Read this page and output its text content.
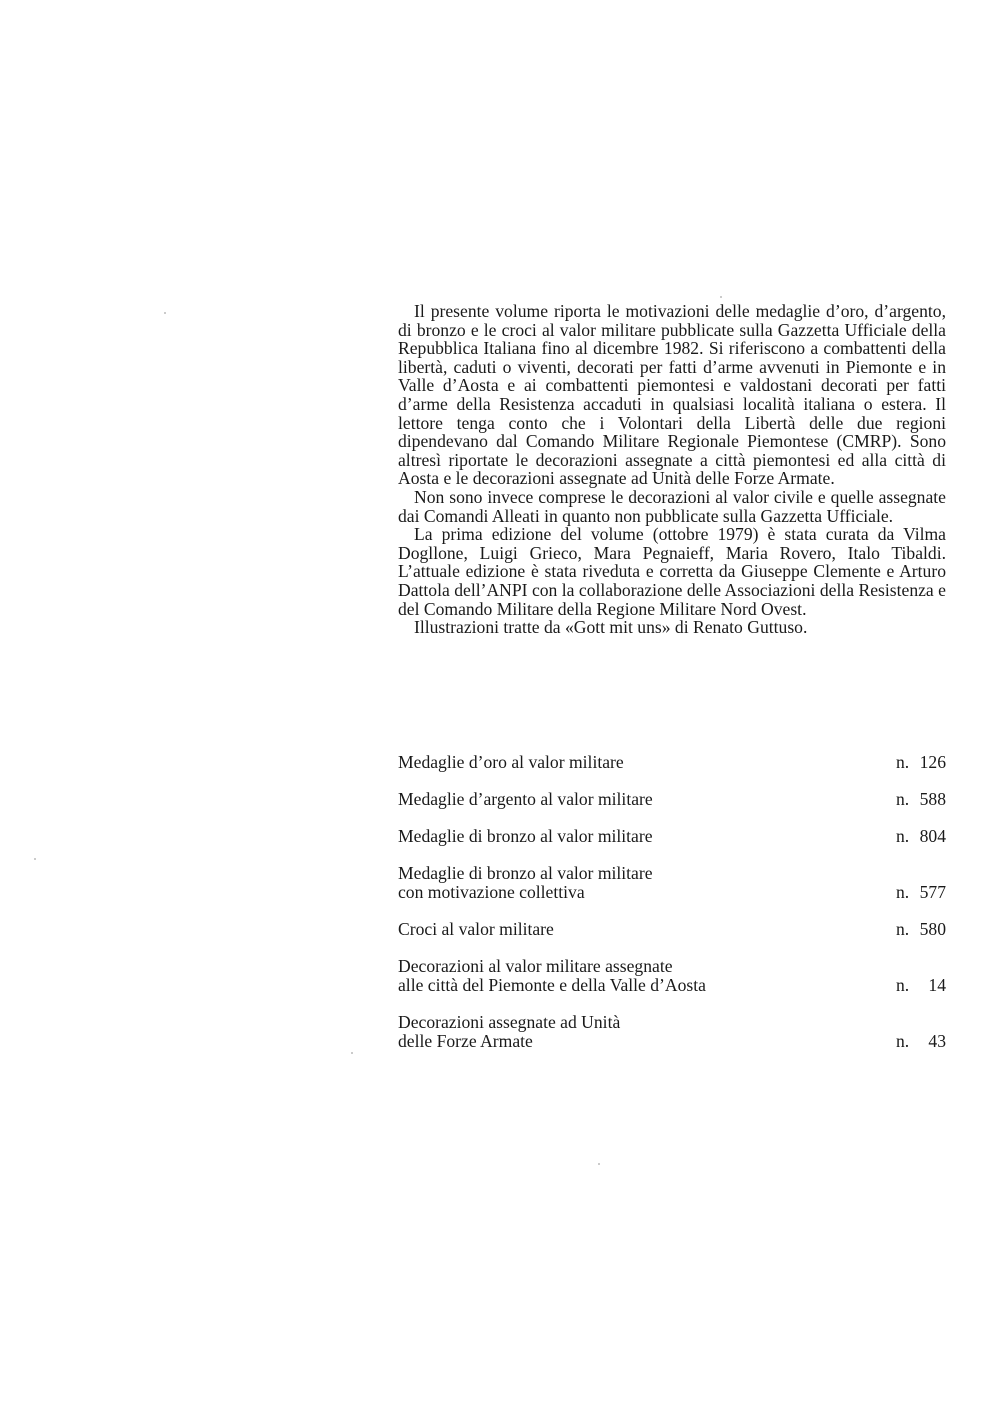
Il presente volume riporta le motivazioni delle medaglie d’oro, d’argento, di bronzo e le croci al valor militare pubblicate sulla Gazzetta Ufficiale della Repubblica Italiana fino al dicembre 1982. Si riferiscono a combattenti della libertà, caduti o viventi, decorati per fatti d’arme avvenuti in Piemonte e in Valle d’Aosta e ai combattenti piemontesi e valdostani decorati per fatti d’arme della Resistenza accaduti in qualsiasi località italiana o estera. Il lettore tenga conto che i Volontari della Libertà delle due regioni dipendevano dal Comando Militare Regionale Piemontese (CMRP). Sono altresì riportate le decorazioni assegnate a città piemontesi ed alla città di Aosta e le decorazioni assegnate ad Unità delle Forze Armate.

Non sono invece comprese le decorazioni al valor civile e quelle assegnate dai Comandi Alleati in quanto non pubblicate sulla Gazzetta Ufficiale.

La prima edizione del volume (ottobre 1979) è stata curata da Vilma Dogllone, Luigi Grieco, Mara Pegnaieff, Maria Rovero, Italo Tibaldi. L’attuale edizione è stata riveduta e corretta da Giuseppe Clemente e Arturo Dattola dell’ANPI con la collaborazione delle Associazioni della Resistenza e del Comando Militare della Regione Militare Nord Ovest.

Illustrazioni tratte da «Gott mit uns» di Renato Guttuso.

Medaglie d’oro al valor militare	n. 126
Medaglie d’argento al valor militare	n. 588
Medaglie di bronzo al valor militare	n. 804
Medaglie di bronzo al valor militare
con motivazione collettiva	n. 577
Croci al valor militare	n. 580
Decorazioni al valor militare assegnate
alle città del Piemonte e della Valle d’Aosta	n.	14
Decorazioni assegnate ad Unità
delle Forze Armate	n.	43
